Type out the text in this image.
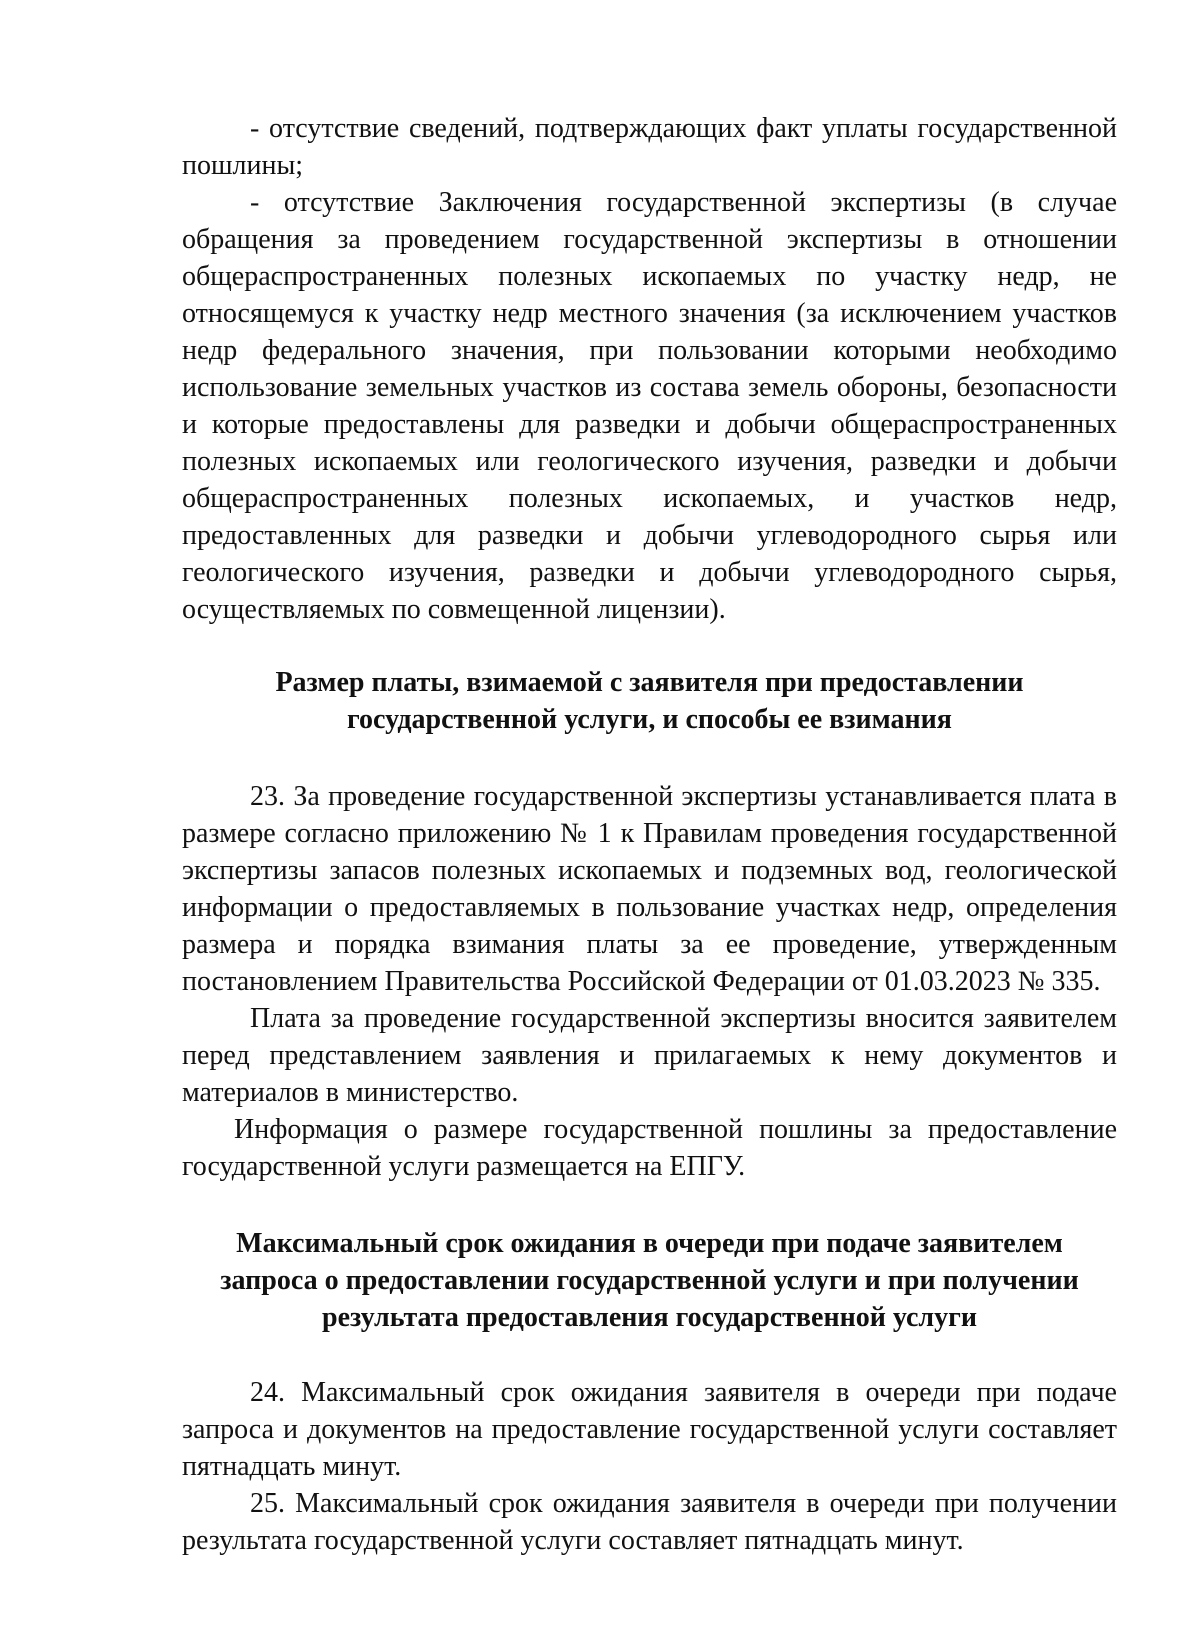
- отсутствие сведений, подтверждающих факт уплаты государственной пошлины;

- отсутствие Заключения государственной экспертизы (в случае обращения за проведением государственной экспертизы в отношении общераспространенных полезных ископаемых по участку недр, не относящемуся к участку недр местного значения (за исключением участков недр федерального значения, при пользовании которыми необходимо использование земельных участков из состава земель обороны, безопасности и которые предоставлены для разведки и добычи общераспространенных полезных ископаемых или геологического изучения, разведки и добычи общераспространенных полезных ископаемых, и участков недр, предоставленных для разведки и добычи углеводородного сырья или геологического изучения, разведки и добычи углеводородного сырья, осуществляемых по совмещенной лицензии).

Размер платы, взимаемой с заявителя при предоставлении

государственной услуги, и способы ее взимания

23. За проведение государственной экспертизы устанавливается плата в размере согласно приложению № 1 к Правилам проведения государственной экспертизы запасов полезных ископаемых и подземных вод, геологической информации о предоставляемых в пользование участках недр, определения размера и порядка взимания платы за ее проведение, утвержденным постановлением Правительства Российской Федерации от 01.03.2023 № 335.

Плата за проведение государственной экспертизы вносится заявителем перед представлением заявления и прилагаемых к нему документов и материалов в министерство.

Информация о размере государственной пошлины за предоставление государственной услуги размещается на ЕПГУ.

Максимальный срок ожидания в очереди при подаче заявителем

запроса о предоставлении государственной услуги и при получении

результата предоставления государственной услуги

24. Максимальный срок ожидания заявителя в очереди при подаче запроса и документов на предоставление государственной услуги составляет пятнадцать минут.

25. Максимальный срок ожидания заявителя в очереди при получении результата государственной услуги составляет пятнадцать минут.
